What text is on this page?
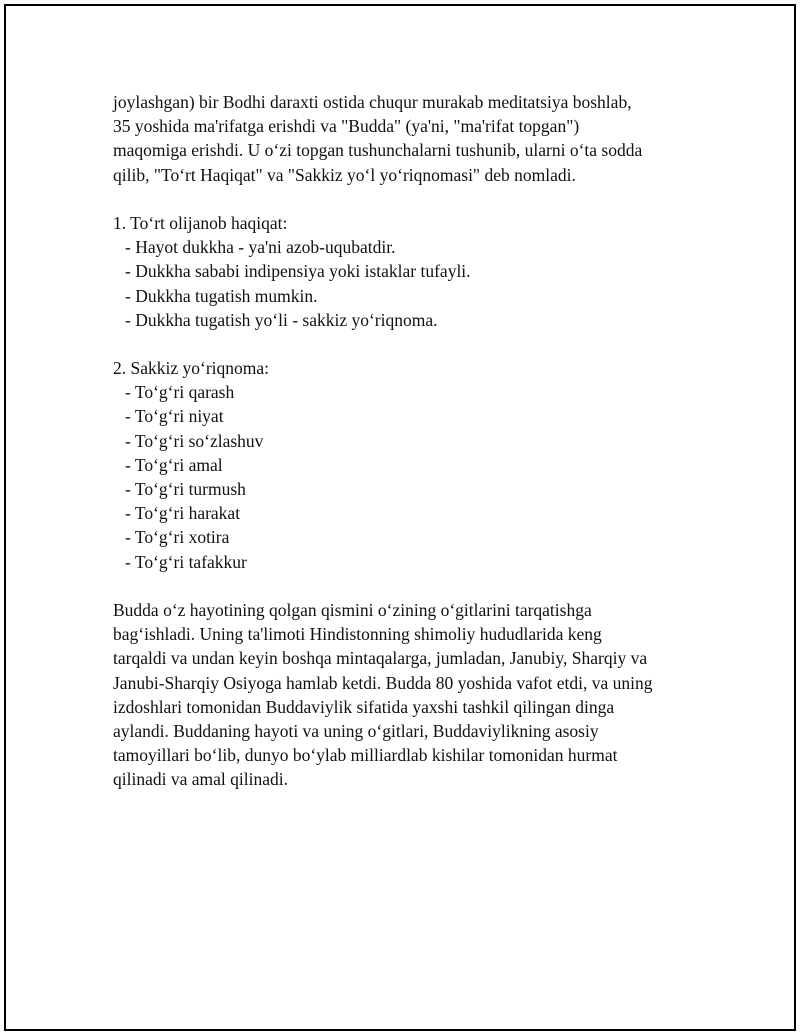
joylashgan) bir Bodhi daraxti ostida chuqur murakab meditatsiya boshlab,
35 yoshida ma'rifatga erishdi va "Budda" (ya'ni, "ma'rifat topgan")
maqomiga erishdi. U oʻzi topgan tushunchalarni tushunib, ularni oʻta sodda
qilib, "Toʻrt Haqiqat" va "Sakkiz yoʻl yoʻriqnomasi" deb nomladi.
1. Toʻrt olijanob haqiqat:
- Hayot dukkha - ya'ni azob-uqubatdir.
- Dukkha sababi indipensiya yoki istaklar tufayli.
- Dukkha tugatish mumkin.
- Dukkha tugatish yoʻli - sakkiz yoʻriqnoma.
2. Sakkiz yoʻriqnoma:
- Toʻgʻri qarash
- Toʻgʻri niyat
- Toʻgʻri soʻzlashuv
- Toʻgʻri amal
- Toʻgʻri turmush
- Toʻgʻri harakat
- Toʻgʻri xotira
- Toʻgʻri tafakkur
Budda oʻz hayotining qolgan qismini oʻzining oʻgitlarini tarqatishga
bagʻishladi. Uning ta'limoti Hindistonning shimoliy hududlarida keng
tarqaldi va undan keyin boshqa mintaqalarga, jumladan, Janubiy, Sharqiy va
Janubi-Sharqiy Osiyoga hamlab ketdi. Budda 80 yoshida vafot etdi, va uning
izdoshlari tomonidan Buddaviylik sifatida yaxshi tashkil qilingan dinga
aylandi. Buddaning hayoti va uning oʻgitlari, Buddaviylikning asosiy
tamoyillari boʻlib, dunyo boʻylab milliardlab kishilar tomonidan hurmat
qilinadi va amal qilinadi.
